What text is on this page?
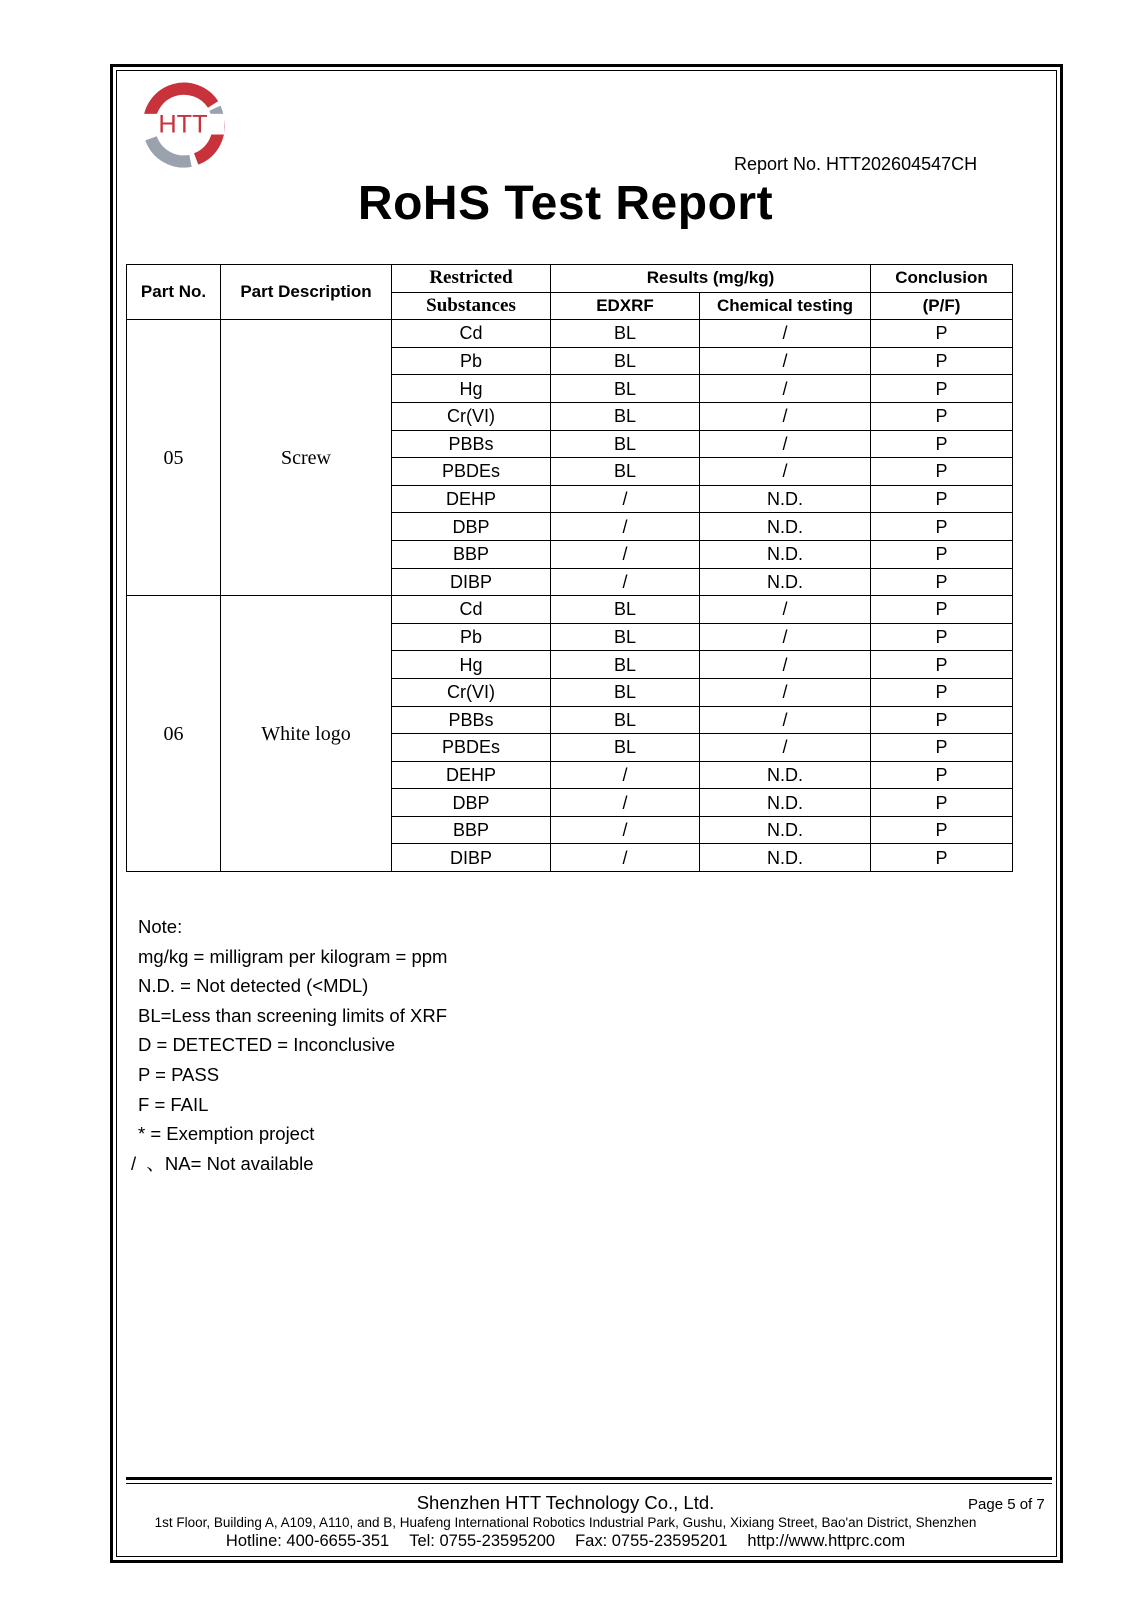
HTT
Report No. HTT202604547CH
RoHS Test Report
Part No.	Part Description	Restricted	Results (mg/kg)		Conclusion
		Substances	EDXRF	Chemical testing	(P/F)
05	Screw	Cd	BL	/	P
		Pb	BL	/	P
		Hg	BL	/	P
		Cr(VI)	BL	/	P
		PBBs	BL	/	P
		PBDEs	BL	/	P
		DEHP	/	N.D.	P
		DBP	/	N.D.	P
		BBP	/	N.D.	P
		DIBP	/	N.D.	P
06	White logo	Cd	BL	/	P
		Pb	BL	/	P
		Hg	BL	/	P
		Cr(VI)	BL	/	P
		PBBs	BL	/	P
		PBDEs	BL	/	P
		DEHP	/	N.D.	P
		DBP	/	N.D.	P
		BBP	/	N.D.	P
		DIBP	/	N.D.	P
Note:
mg/kg = milligram per kilogram = ppm
N.D. = Not detected (<MDL)
BL=Less than screening limits of XRF
D = DETECTED = Inconclusive
P = PASS
F = FAIL
* = Exemption project
/  、NA= Not available
Shenzhen HTT Technology Co., Ltd.	Page 5 of 7
1st Floor, Building A, A109, A110, and B, Huafeng International Robotics Industrial Park, Gushu, Xixiang Street, Bao'an District, Shenzhen
Hotline: 400-6655-351 Tel: 0755-23595200 Fax: 0755-23595201 http://www.httprc.com
